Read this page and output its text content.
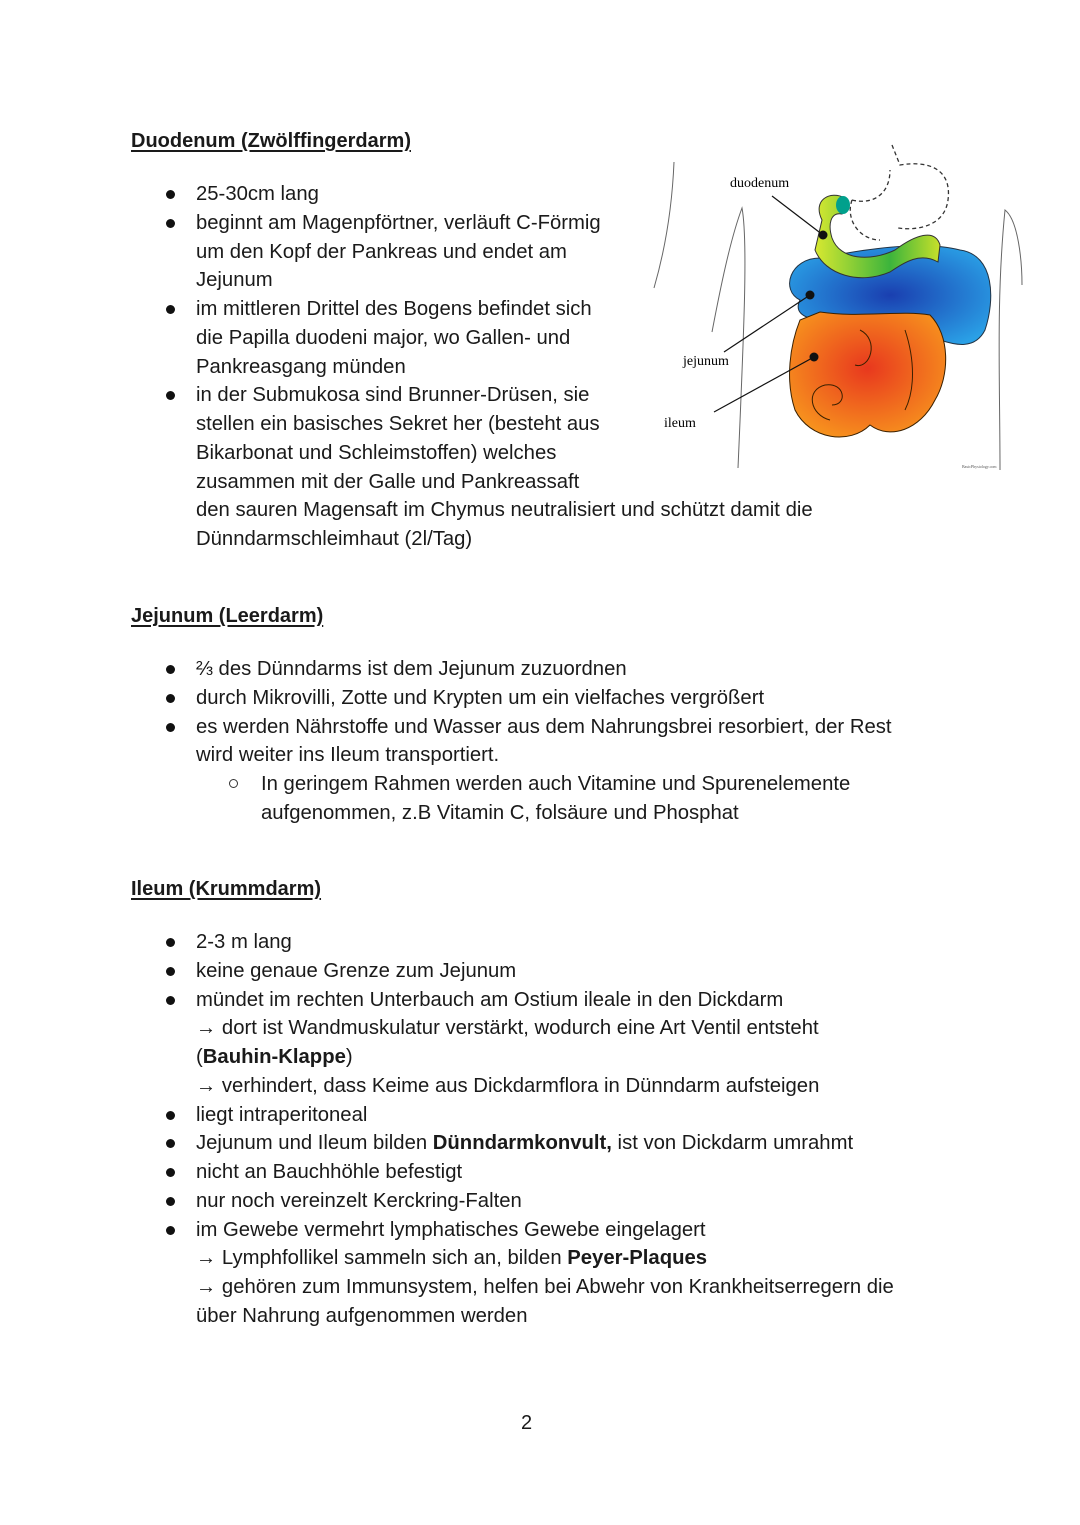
duodenum
jejunum
ileum
BasicPhysiology.com
Duodenum (Zwölffingerdarm)
25-30cm lang
beginnt am Magenpförtner, verläuft C-Förmig
um den Kopf der Pankreas und endet am
Jejunum
im mittleren Drittel des Bogens befindet sich
die Papilla duodeni major, wo Gallen- und
Pankreasgang münden
in der Submukosa sind Brunner-Drüsen, sie
stellen ein basisches Sekret her (besteht aus
Bikarbonat und Schleimstoffen) welches
zusammen mit der Galle und Pankreassaft
den sauren Magensaft im Chymus neutralisiert und schützt damit die
Dünndarmschleimhaut (2l/Tag)
Jejunum (Leerdarm)
⅔ des Dünndarms ist dem Jejunum zuzuordnen
durch Mikrovilli, Zotte und Krypten um ein vielfaches vergrößert
es werden Nährstoffe und Wasser aus dem Nahrungsbrei resorbiert, der Rest
wird weiter ins Ileum transportiert.
In geringem Rahmen werden auch Vitamine und Spurenelemente
aufgenommen, z.B Vitamin C, folsäure und Phosphat
Ileum (Krummdarm)
2-3 m lang
keine genaue Grenze zum Jejunum
mündet im rechten Unterbauch am Ostium ileale in den Dickdarm
→ dort ist Wandmuskulatur verstärkt, wodurch eine Art Ventil entsteht
(Bauhin-Klappe)
→ verhindert, dass Keime aus Dickdarmflora in Dünndarm aufsteigen
liegt intraperitoneal
Jejunum und Ileum bilden Dünndarmkonvult, ist von Dickdarm umrahmt
nicht an Bauchhöhle befestigt
nur noch vereinzelt Kerckring-Falten
im Gewebe vermehrt lymphatisches Gewebe eingelagert
→ Lymphfollikel sammeln sich an, bilden Peyer-Plaques
→ gehören zum Immunsystem, helfen bei Abwehr von Krankheitserregern die
über Nahrung aufgenommen werden
2
